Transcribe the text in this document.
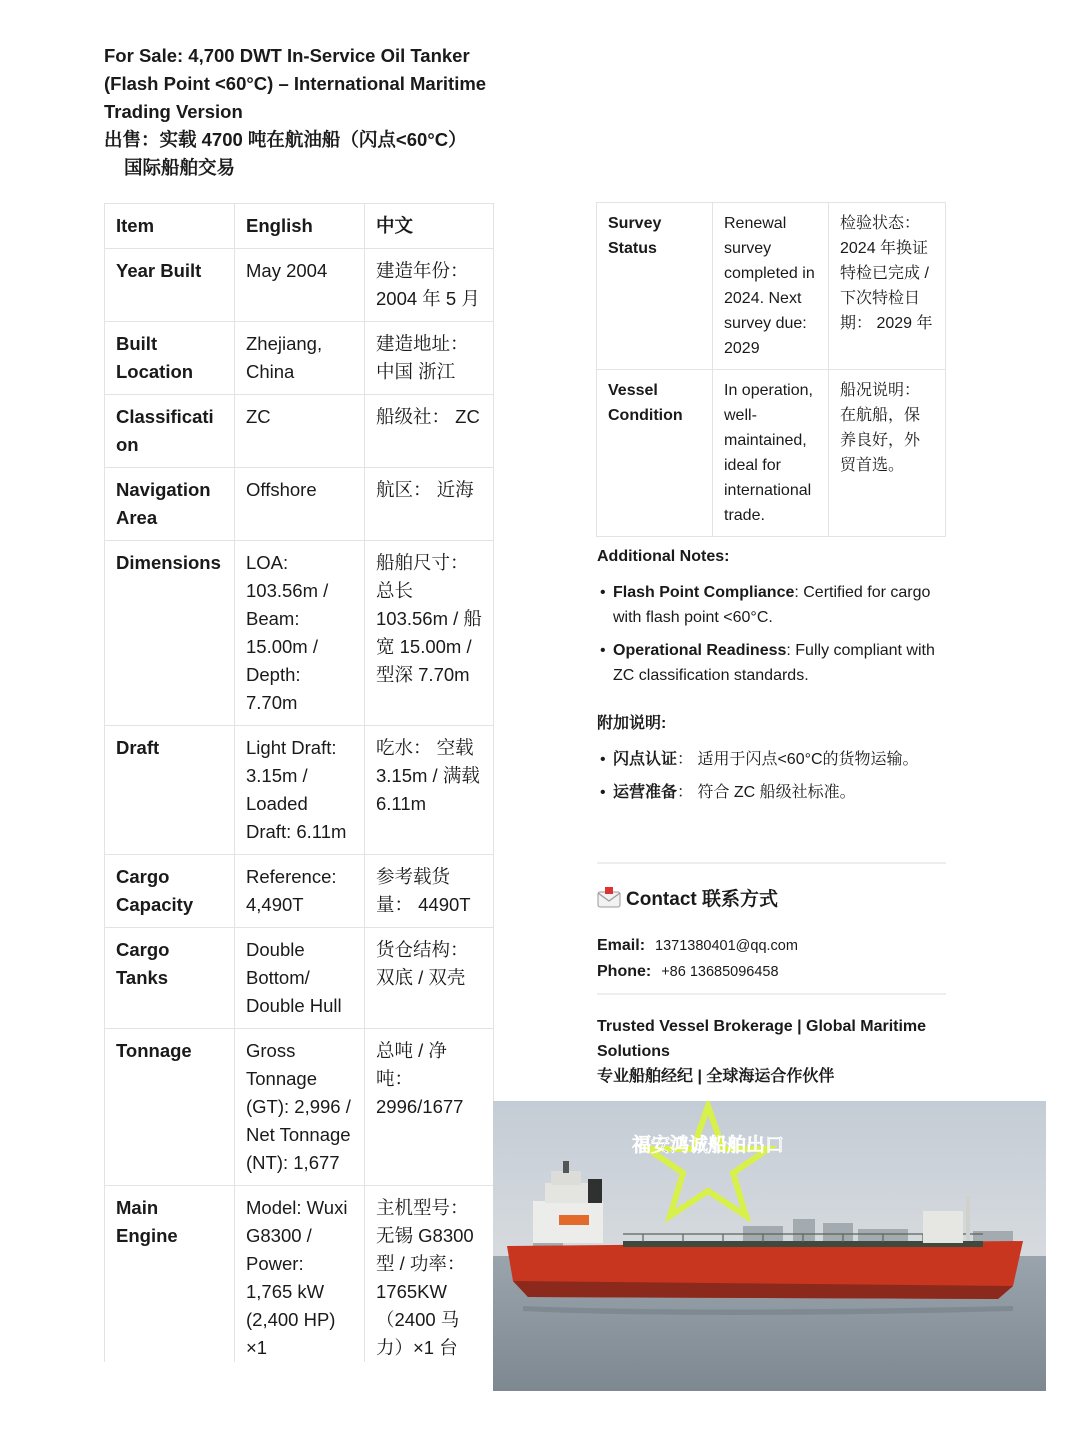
For Sale: 4,700 DWT In-Service Oil Tanker (Flash Point <60°C) – International Maritime Trading Version
出售：实载 4700 吨在航油船（闪点<60°C）
国际船舶交易
Item	English	中文
Year Built	May 2004	建造年份：2004 年 5 月
Built Location	Zhejiang, China	建造地址：中国 浙江
Classification	ZC	船级社： ZC
Navigation Area	Offshore	航区： 近海
Dimensions	LOA: 103.56m / Beam: 15.00m / Depth: 7.70m	船舶尺寸：总长 103.56m / 船宽 15.00m / 型深 7.70m
Draft	Light Draft: 3.15m / Loaded Draft: 6.11m	吃水： 空载 3.15m / 满载 6.11m
Cargo Capacity	Reference: 4,490T	参考载货量： 4490T
Cargo Tanks	Double Bottom/ Double Hull	货仓结构：双底 / 双壳
Tonnage	Gross Tonnage (GT): 2,996 / Net Tonnage (NT): 1,677	总吨 / 净吨：2996/1677
Main Engine	Model: Wuxi G8300 / Power: 1,765 kW (2,400 HP) ×1	主机型号：无锡 G8300 型 / 功率：1765KW （2400 马力）×1 台
Survey Status	Renewal survey completed in 2024. Next survey due: 2029	检验状态：2024 年换证特检已完成 / 下次特检日期： 2029 年
Vessel Condition	In operation, well-maintained, ideal for international trade.	船况说明：在航船，保养良好，外贸首选。
Additional Notes:
• Flash Point Compliance: Certified for cargo with flash point <60°C.
• Operational Readiness: Fully compliant with ZC classification standards.
附加说明:
• 闪点认证： 适用于闪点<60°C的货物运输。
• 运营准备： 符合 ZC 船级社标准。
Contact 联系方式
Email: 1371380401@qq.com
Phone: +86 13685096458
Trusted Vessel Brokerage | Global Maritime Solutions
专业船舶经纪 | 全球海运合作伙伴
福安鸿诚船舶出口
